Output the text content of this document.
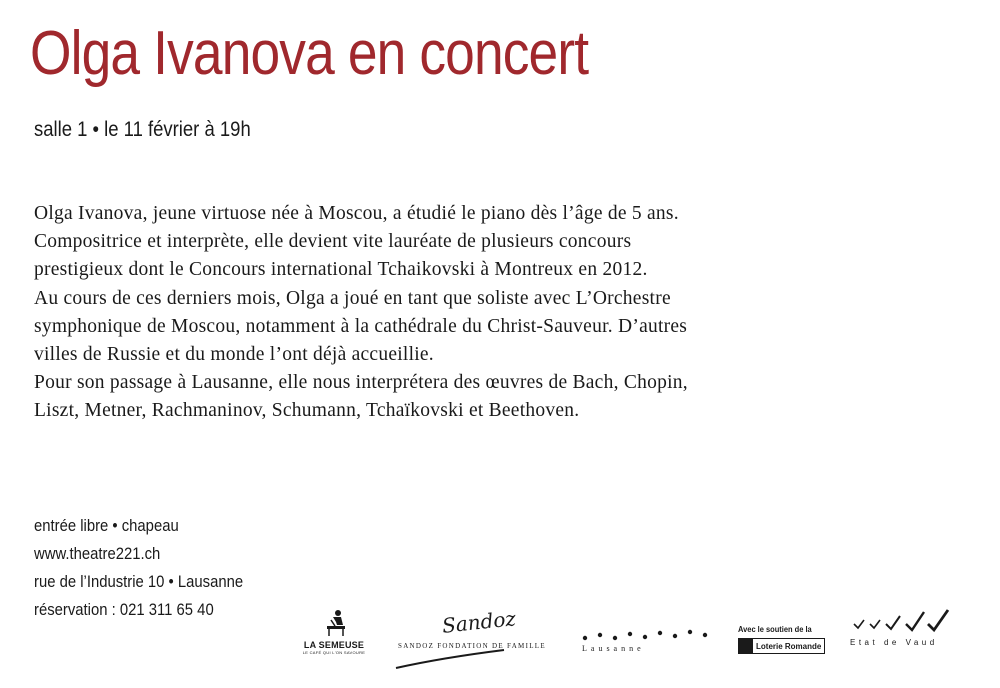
Olga Ivanova en concert
salle 1 • le 11 février à 19h

Olga Ivanova, jeune virtuose née à Moscou, a étudié le piano dès l’âge de 5 ans.

Compositrice et interprète, elle devient vite lauréate de plusieurs concours

prestigieux dont le Concours international Tchaikovski à Montreux en 2012.

Au cours de ces derniers mois, Olga a joué en tant que soliste avec L’Orchestre

symphonique de Moscou, notamment à la cathédrale du Christ-Sauveur. D’autres

villes de Russie et du monde l’ont déjà accueillie.

Pour son passage à Lausanne, elle nous interprétera des œuvres de Bach, Chopin,

Liszt, Metner, Rachmaninov, Schumann, Tchaïkovski et Beethoven.

entrée libre • chapeau
www.theatre221.ch
rue de l’Industrie 10 • Lausanne
réservation : 021 311 65 40
LA SEMEUSE
LE CAFÉ QUI L'ON SAVOURE
Sandoz
SANDOZ FONDATION DE FAMILLE	Lausanne
Avec le soutien de la
Loterie Romande	Etat de Vaud
